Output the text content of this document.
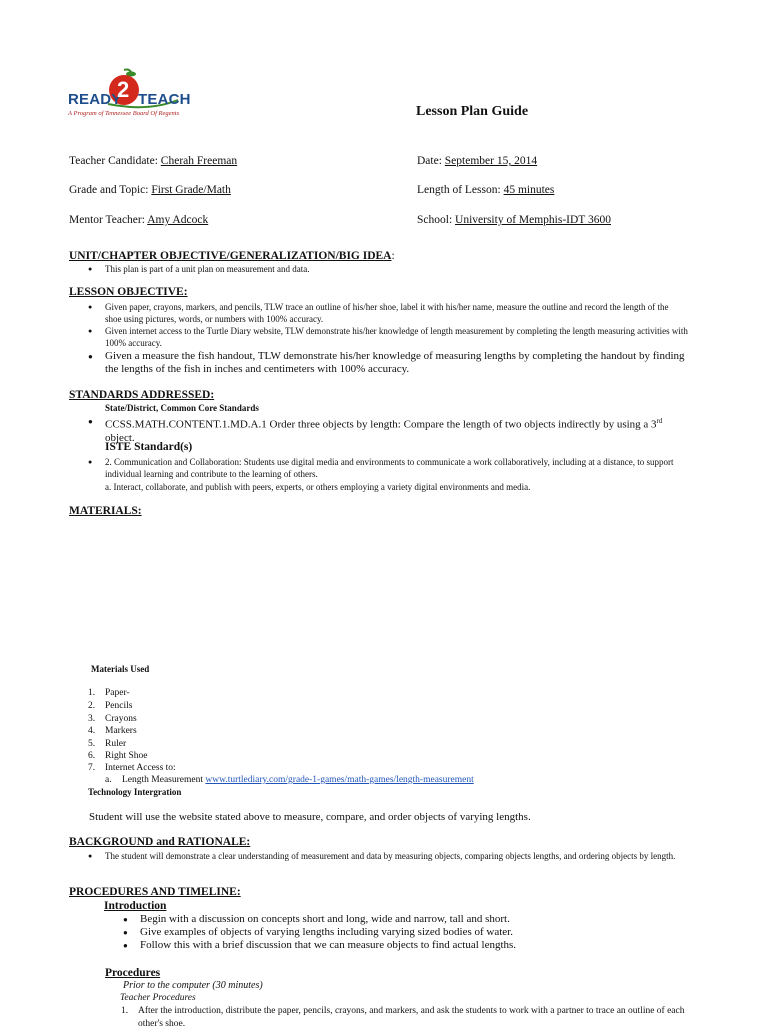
READY
2 TEACH
A Program of Tennessee Board Of Regents	Lesson Plan Guide
Teacher Candidate: Cherah Freeman	Date: September 15, 2014
Grade and Topic: First Grade/Math	Length of Lesson: 45 minutes
Mentor Teacher: Amy Adcock	School: University of Memphis-IDT 3600
UNIT/CHAPTER OBJECTIVE/GENERALIZATION/BIG IDEA:
● This plan is part of a unit plan on measurement and data.
LESSON OBJECTIVE:
● Given paper, crayons, markers, and pencils, TLW trace an outline of his/her shoe, label it with his/her name, measure the outline and record the length of the shoe using pictures, words, or numbers with 100% accuracy.
● Given internet access to the Turtle Diary website, TLW demonstrate his/her knowledge of length measurement by completing the length measuring activities with 100% accuracy.
● Given a measure the fish handout, TLW demonstrate his/her knowledge of measuring lengths by completing the handout by finding the lengths of the fish in inches and centimeters with 100% accuracy.
STANDARDS ADDRESSED:
State/District, Common Core Standards
● CCSS.MATH.CONTENT.1.MD.A.1 Order three objects by length: Compare the length of two objects indirectly by using a 3rd
object.
ISTE Standard(s)
● 2. Communication and Collaboration: Students use digital media and environments to communicate a work collaboratively, including at a distance, to support individual learning and contribute to the learning of others.
a. Interact, collaborate, and publish with peers, experts, or others employing a variety digital environments and media.
MATERIALS:
Materials Used
1. Paper-
2. Pencils
3. Crayons
4. Markers
5. Ruler
6. Right Shoe
7. Internet Access to:
a. Length Measurement www.turtlediary.com/grade-1-games/math-games/length-measurement
Technology Intergration
Student will use the website stated above to measure, compare, and order objects of varying lengths.
BACKGROUND and RATIONALE:
● The student will demonstrate a clear understanding of measurement and data by measuring objects, comparing objects lengths, and ordering objects by length.
PROCEDURES AND TIMELINE:
Introduction
● Begin with a discussion on concepts short and long, wide and narrow, tall and short.
● Give examples of objects of varying lengths including varying sized bodies of water.
● Follow this with a brief discussion that we can measure objects to find actual lengths.
Procedures
Prior to the computer (30 minutes)
Teacher Procedures
1. After the introduction, distribute the paper, pencils, crayons, and markers, and ask the students to work with a partner to trace an outline of each other's shoe.
